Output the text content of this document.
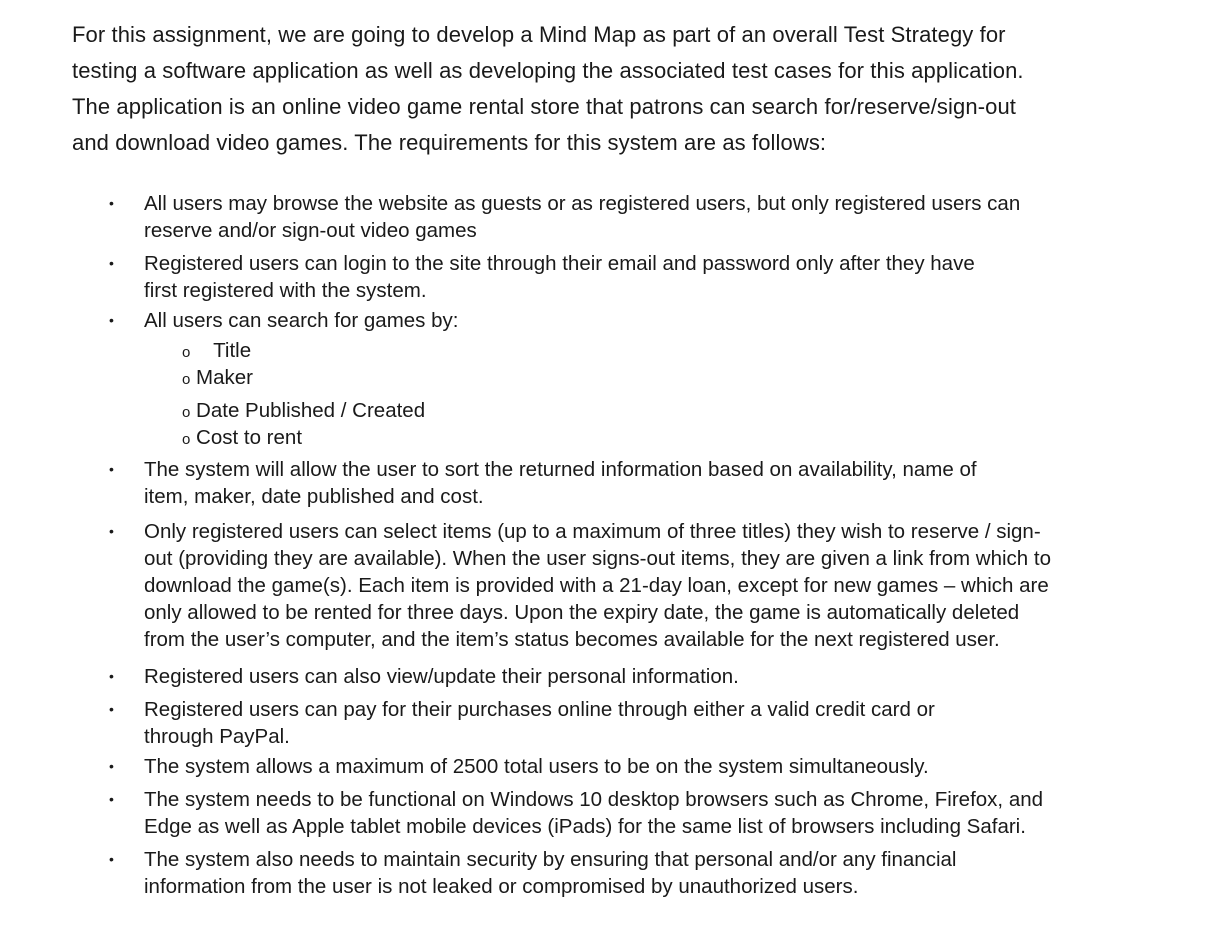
For this assignment, we are going to develop a Mind Map as part of an overall Test Strategy for
testing a software application as well as developing the associated test cases for this application.
The application is an online video game rental store that patrons can search for/reserve/sign-out
and download video games. The requirements for this system are as follows:
• All users may browse the website as guests or as registered users, but only registered users can
reserve and/or sign-out video games
• Registered users can login to the site through their email and password only after they have
first registered with the system.
• All users can search for games by:
o Title
o Maker
o Date Published / Created
o Cost to rent
• The system will allow the user to sort the returned information based on availability, name of
item, maker, date published and cost.
• Only registered users can select items (up to a maximum of three titles) they wish to reserve / sign-
out (providing they are available). When the user signs-out items, they are given a link from which to
download the game(s). Each item is provided with a 21-day loan, except for new games – which are
only allowed to be rented for three days. Upon the expiry date, the game is automatically deleted
from the user’s computer, and the item’s status becomes available for the next registered user.
• Registered users can also view/update their personal information.
• Registered users can pay for their purchases online through either a valid credit card or
through PayPal.
• The system allows a maximum of 2500 total users to be on the system simultaneously.
• The system needs to be functional on Windows 10 desktop browsers such as Chrome, Firefox, and
Edge as well as Apple tablet mobile devices (iPads) for the same list of browsers including Safari.
• The system also needs to maintain security by ensuring that personal and/or any financial
information from the user is not leaked or compromised by unauthorized users.
